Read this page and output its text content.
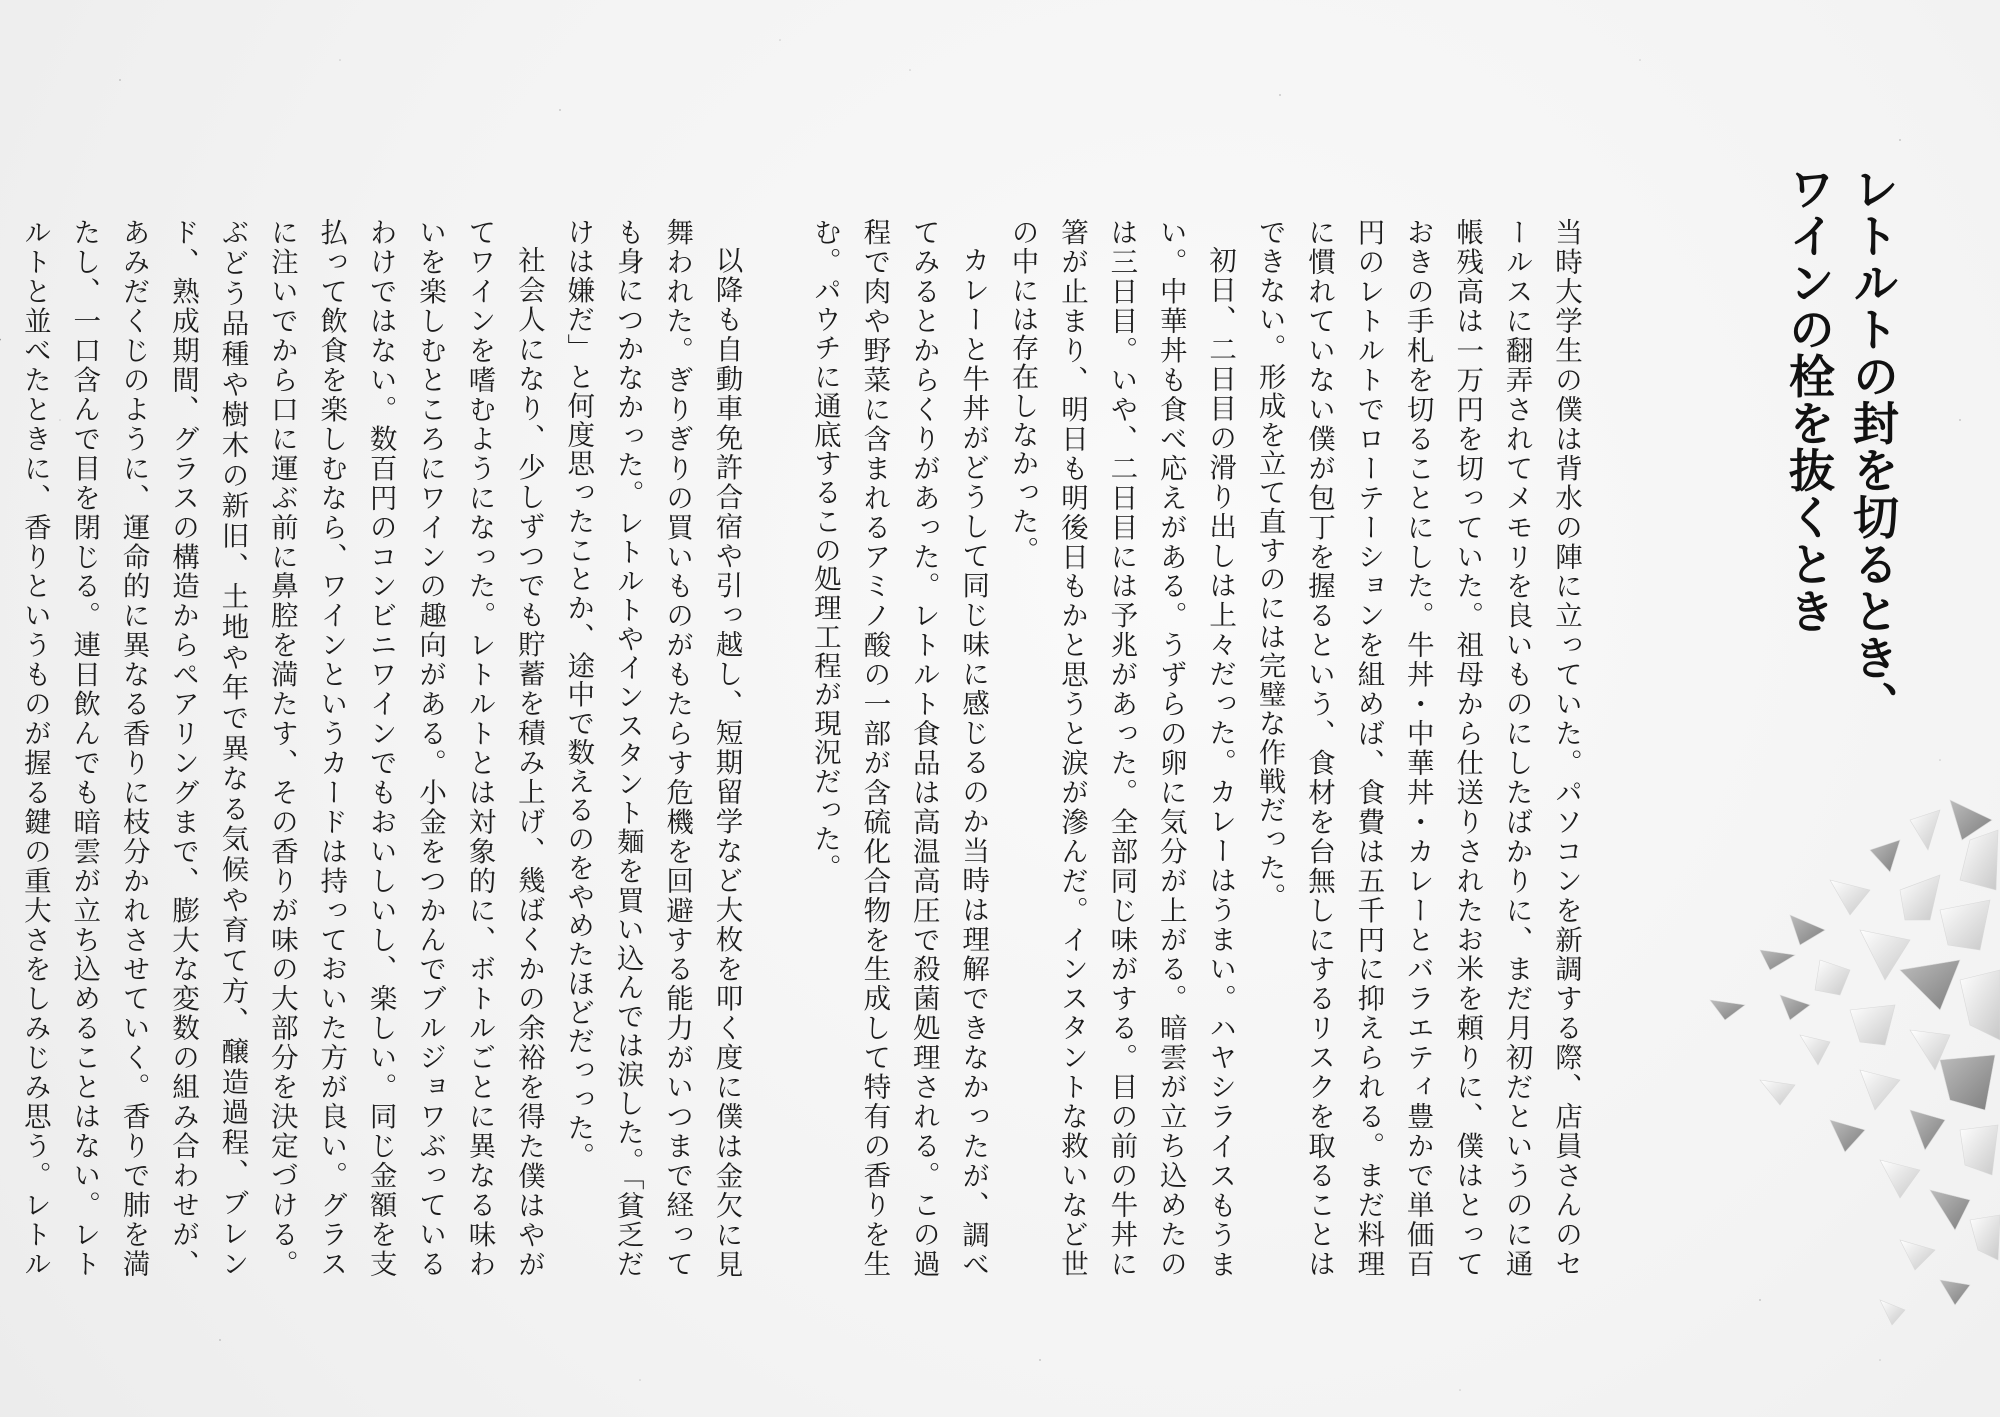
レトルトの封を切るとき、
ワインの栓を抜くとき

当時大学生の僕は背水の陣に立っていた。パソコンを新調する際、店員さんのセールスに翻弄されてメモリを良いものにしたばかりに、まだ月初だというのに通帳残高は一万円を切っていた。祖母から仕送りされたお米を頼りに、僕はとっておきの手札を切ることにした。牛丼・中華丼・カレーとバラエティ豊かで単価百円のレトルトでローテーションを組めば、食費は五千円に抑えられる。まだ料理に慣れていない僕が包丁を握るという、食材を台無しにするリスクを取ることはできない。形成を立て直すのには完璧な作戦だった。

初日、二日目の滑り出しは上々だった。カレーはうまい。ハヤシライスもうまい。中華丼も食べ応えがある。うずらの卵に気分が上がる。暗雲が立ち込めたのは三日目。いや、二日目には予兆があった。全部同じ味がする。目の前の牛丼に箸が止まり、明日も明後日もかと思うと涙が滲んだ。インスタントな救いなど世の中には存在しなかった。

カレーと牛丼がどうして同じ味に感じるのか当時は理解できなかったが、調べてみるとからくりがあった。レトルト食品は高温高圧で殺菌処理される。この過程で肉や野菜に含まれるアミノ酸の一部が含硫化合物を生成して特有の香りを生む。パウチに通底するこの処理工程が現況だった。

以降も自動車免許合宿や引っ越し、短期留学など大枚を叩く度に僕は金欠に見舞われた。ぎりぎりの買いものがもたらす危機を回避する能力がいつまで経っても身につかなかった。レトルトやインスタント麺を買い込んでは涙した。「貧乏だけは嫌だ」と何度思ったことか、途中で数えるのをやめたほどだっった。

社会人になり、少しずつでも貯蓄を積み上げ、幾ばくかの余裕を得た僕はやがてワインを嗜むようになった。レトルトとは対象的に、ボトルごとに異なる味わいを楽しむところにワインの趣向がある。小金をつかんでブルジョワぶっているわけではない。数百円のコンビニワインでもおいしいし、楽しい。同じ金額を支払って飲食を楽しむなら、ワインというカードは持っておいた方が良い。グラスに注いでから口に運ぶ前に鼻腔を満たす、その香りが味の大部分を決定づける。ぶどう品種や樹木の新旧、土地や年で異なる気候や育て方、醸造過程、ブレンド、熟成期間、グラスの構造からペアリングまで、膨大な変数の組み合わせが、あみだくじのように、運命的に異なる香りに枝分かれさせていく。香りで肺を満たし、一口含んで目を閉じる。連日飲んでも暗雲が立ち込めることはない。レトルトと並べたときに、香りというものが握る鍵の重大さをしみじみ思う。レトル
